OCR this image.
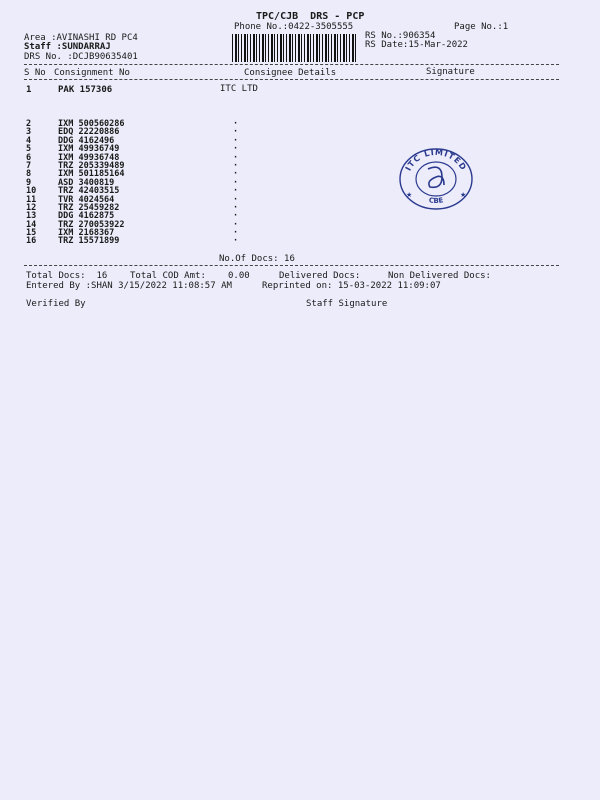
TPC/CJB  DRS - PCP
Phone No.:0422-3505555	Page No.:1
Area :AVINASHI RD PC4
Staff :SUNDARRAJ
DRS No. :DCJB90635401
RS No.:906354
RS Date:15-Mar-2022
S No Consignment No	Consignee Details	Signature
1	PAK 157306	ITC LTD
2	IXM 500560286	·
3	EDQ 22220886	·
4	DDG 4162496	·
5	IXM 49936749	·
6	IXM 49936748	·
7	TRZ 205339489	·
8	IXM 501185164	·
9	ASD 3400819	·
10	TRZ 42403515	·
11	TVR 4024564	·
12	TRZ 25459282	·
13	DDG 4162875	·
14	TRZ 270053922	·
15	IXM 2168367	·
16	TRZ 15571899	·
ITC LIMITED
CBE
★	★
No.Of Docs: 16
Total Docs:  16	Total COD Amt: 0.00	Delivered Docs:	Non Delivered Docs:
Entered By :SHAN 3/15/2022 11:08:57 AM	Reprinted on: 15-03-2022 11:09:07
Verified By	Staff Signature
